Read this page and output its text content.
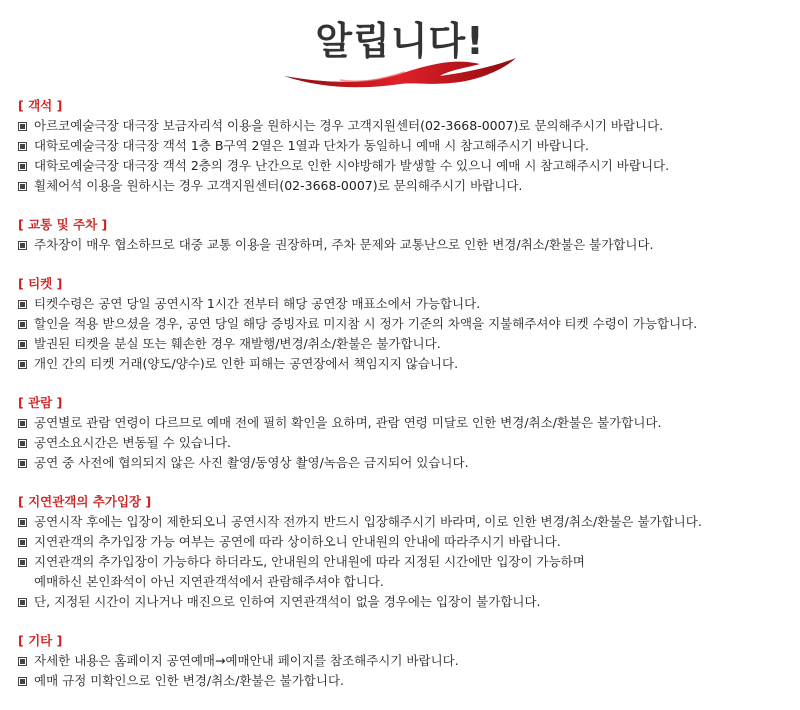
알립니다!
[ 객석 ]
아르코예술극장 대극장 보금자리석 이용을 원하시는 경우 고객지원센터(02-3668-0007)로 문의해주시기 바랍니다.
대학로예술극장 대극장 객석 1층 B구역 2열은 1열과 단차가 동일하니 예매 시 참고해주시기 바랍니다.
대학로예술극장 대극장 객석 2층의 경우 난간으로 인한 시야방해가 발생할 수 있으니 예매 시 참고해주시기 바랍니다.
휠체어석 이용을 원하시는 경우 고객지원센터(02-3668-0007)로 문의해주시기 바랍니다.
[ 교통 및 주차 ]
주차장이 매우 협소하므로 대중 교통 이용을 권장하며, 주차 문제와 교통난으로 인한 변경/취소/환불은 불가합니다.
[ 티켓 ]
티켓수령은 공연 당일 공연시작 1시간 전부터 해당 공연장 매표소에서 가능합니다.
할인을 적용 받으셨을 경우, 공연 당일 해당 증빙자료 미지참 시 정가 기준의 차액을 지불해주셔야 티켓 수령이 가능합니다.
발권된 티켓을 분실 또는 훼손한 경우 재발행/변경/취소/환불은 불가합니다.
개인 간의 티켓 거래(양도/양수)로 인한 피해는 공연장에서 책임지지 않습니다.
[ 관람 ]
공연별로 관람 연령이 다르므로 예매 전에 필히 확인을 요하며, 관람 연령 미달로 인한 변경/취소/환불은 불가합니다.
공연소요시간은 변동될 수 있습니다.
공연 중 사전에 협의되지 않은 사진 촬영/동영상 촬영/녹음은 금지되어 있습니다.
[ 지연관객의 추가입장 ]
공연시작 후에는 입장이 제한되오니 공연시작 전까지 반드시 입장해주시기 바라며, 이로 인한 변경/취소/환불은 불가합니다.
지연관객의 추가입장 가능 여부는 공연에 따라 상이하오니 안내원의 안내에 따라주시기 바랍니다.
지연관객의 추가입장이 가능하다 하더라도, 안내원의 안내원에 따라 지정된 시간에만 입장이 가능하며
예매하신 본인좌석이 아닌 지연관객석에서 관람해주셔야 합니다.
단, 지정된 시간이 지나거나 매진으로 인하여 지연관객석이 없을 경우에는 입장이 불가합니다.
[ 기타 ]
자세한 내용은 홈페이지 공연예매→예매안내 페이지를 참조해주시기 바랍니다.
예매 규정 미확인으로 인한 변경/취소/환불은 불가합니다.
